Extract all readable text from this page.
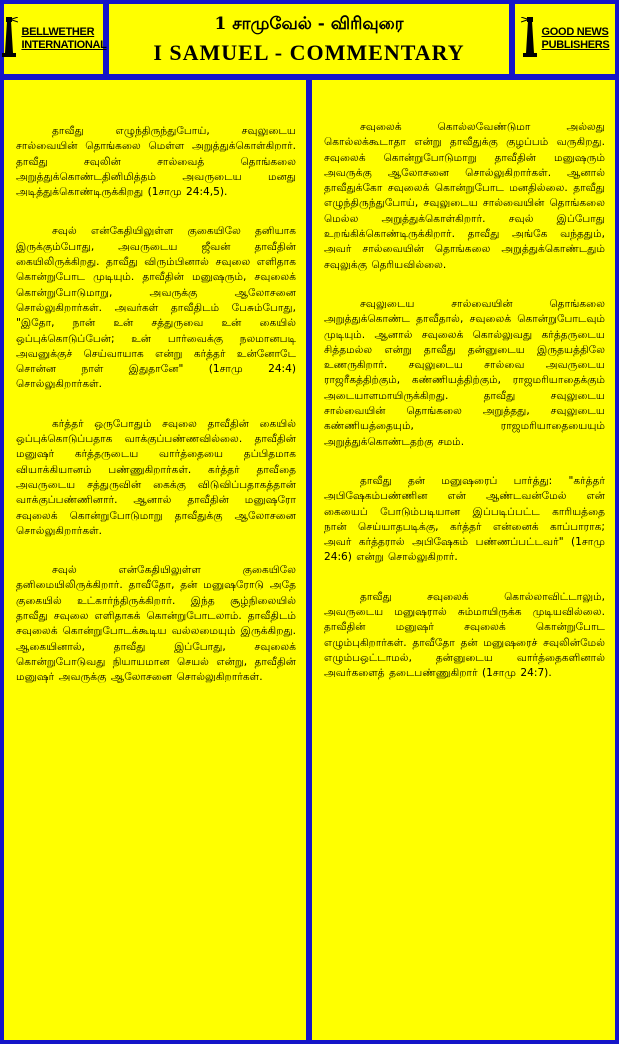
BELLWETHER
INTERNATIONAL
1 சாமுவேல் - விரிவுரை
I SAMUEL - COMMENTARY
GOOD NEWS
PUBLISHERS

தாவீது எழுந்திருந்துபோய், சவுலுடைய சால்வையின் தொங்கலை மெள்ள அறுத்துக்கொள்கிறார். தாவீது சவுலின் சால்வைத் தொங்கலை அறுத்துக்கொண்டதினிமித்தம் அவருடைய மனது அடித்துக்கொண்டிருக்கிறது (1சாமு 24:4,5).

சவுல் என்கேதியிலுள்ள குகையிலே தனியாக இருக்கும்போது, அவருடைய ஜீவன் தாவீதின் கையிலிருக்கிறது. தாவீது விரும்பினால் சவுலை எளிதாக கொன்றுபோட முடியும். தாவீதின் மனுஷரும், சவுலைக் கொன்றுபோடுமாறு, அவருக்கு ஆலோசனை சொல்லுகிறார்கள். அவர்கள் தாவீதிடம் பேசும்போது, "இதோ, நான் உன் சத்துருவை உன் கையில் ஒப்புக்கொடுப்பேன்; உன் பார்வைக்கு நலமானபடி அவனுக்குச் செய்வாயாக என்று கர்த்தர் உன்னோடே சொன்ன நாள் இதுதானே" (1சாமு 24:4) சொல்லுகிறார்கள்.

கர்த்தர் ஒருபோதும் சவுலை தாவீதின் கையில் ஒப்புக்கொடுப்பதாக வாக்குப்பண்ணவில்லை. தாவீதின் மனுஷர் கர்த்தருடைய வார்த்தையை தப்பிதமாக வியாக்கியானம் பண்ணுகிறார்கள். கர்த்தர் தாவீதை அவருடைய சத்துருவின் கைக்கு விடுவிப்பதாகத்தான் வாக்குப்பண்ணினார். ஆனால் தாவீதின் மனுஷரோ சவுலைக் கொன்றுபோடுமாறு தாவீதுக்கு ஆலோசனை சொல்லுகிறார்கள்.

சவுல் என்கேதியிலுள்ள குகையிலே தனிமையிலிருக்கிறார். தாவீதோ, தன் மனுஷரோடு அதே குகையில் உட்கார்ந்திருக்கிறார். இந்த சூழ்நிலையில் தாவீது சவுலை எளிதாகக் கொன்றுபோடலாம். தாவீதிடம் சவுலைக் கொன்றுபோடக்கூடிய வல்லமையும் இருக்கிறது. ஆகையினால், தாவீது இப்போது, சவுலைக் கொன்றுபோடுவது நியாயமான செயல் என்று, தாவீதின் மனுஷர் அவருக்கு ஆலோசனை சொல்லுகிறார்கள்.

சவுலைக் கொல்லவேண்டுமா அல்லது கொல்லக்கூடாதா என்று தாவீதுக்கு குழப்பம் வருகிறது. சவுலைக் கொன்றுபோடுமாறு தாவீதின் மனுஷரும் அவருக்கு ஆலோசனை சொல்லுகிறார்கள். ஆனால் தாவீதுக்கோ சவுலைக் கொன்றுபோட மனதில்லை. தாவீது எழுந்திருந்துபோய், சவுலுடைய சால்வையின் தொங்கலை மெல்ல அறுத்துக்கொள்கிறார். சவுல் இப்போது உறங்கிக்கொண்டிருக்கிறார். தாவீது அங்கே வந்ததும், அவர் சால்வையின் தொங்கலை அறுத்துக்கொண்டதும் சவுலுக்கு தெரியவில்லை.

சவுலுடைய சால்வையின் தொங்கலை அறுத்துக்கொண்ட தாவீதால், சவுலைக் கொன்றுபோடவும் முடியும். ஆனால் சவுலைக் கொல்லுவது கர்த்தருடைய சித்தமல்ல என்று தாவீது தன்னுடைய இருதயத்திலே உணருகிறார். சவுலுடைய சால்வை அவருடைய ராஜரீகத்திற்கும், கண்ணியத்திற்கும், ராஜமரியாதைக்கும் அடையாளமாயிருக்கிறது. தாவீது சவுலுடைய சால்வையின் தொங்கலை அறுத்தது, சவுலுடைய கண்ணியத்தையும், ராஜமரியாதையையும் அறுத்துக்கொண்டதற்கு சமம்.

தாவீது தன் மனுஷரைப் பார்த்து: "கர்த்தர் அபிஷேகம்பண்ணின என் ஆண்டவன்மேல் என் கையைப் போடும்படியான இப்படிப்பட்ட காரியத்தை நான் செய்யாதபடிக்கு, கர்த்தர் என்னைக் காப்பாராக; அவர் கர்த்தரால் அபிஷேகம் பண்ணப்பட்டவர்" (1சாமு 24:6) என்று சொல்லுகிறார்.

தாவீது சவுலைக் கொல்லாவிட்டாலும், அவருடைய மனுஷரால் சும்மாயிருக்க முடியவில்லை. தாவீதின் மனுஷர் சவுலைக் கொன்றுபோட எழும்புகிறார்கள். தாவீதோ தன் மனுஷரைச் சவுலின்மேல் எழும்பஒட்டாமல், தன்னுடைய வார்த்தைகளினால் அவர்களைத் தடைபண்ணுகிறார் (1சாமு 24:7).
